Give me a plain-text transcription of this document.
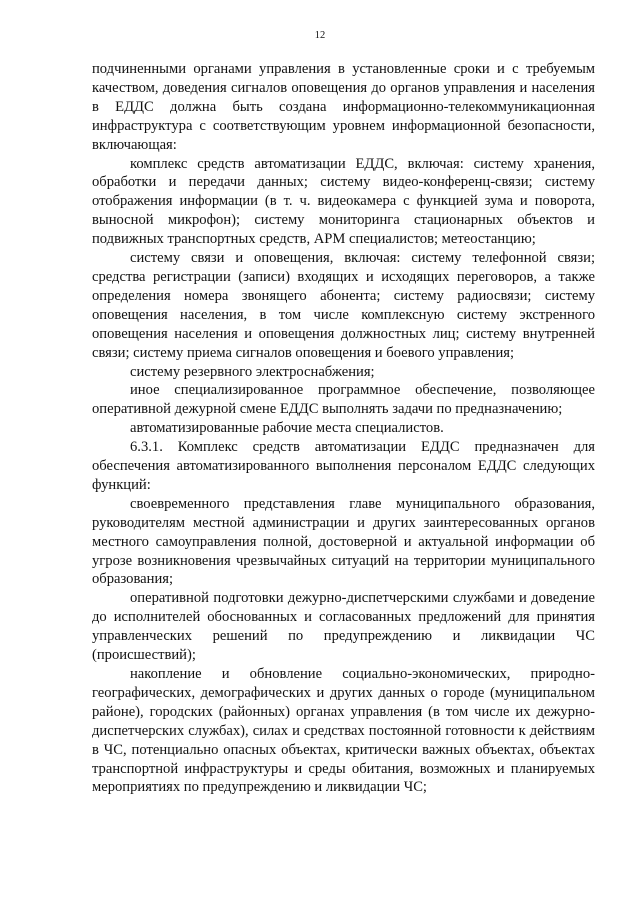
12

подчиненными органами управления в установленные сроки и с требуемым качеством, доведения сигналов оповещения до органов управления и населения в ЕДДС должна быть создана информационно-телекоммуникационная инфраструктура с соответствующим уровнем информационной безопасности, включающая:

комплекс средств автоматизации ЕДДС, включая: систему хранения, обработки и передачи данных; систему видео-конференц-связи; систему отображения информации (в т. ч. видеокамера с функцией зума и поворота, выносной микрофон); систему мониторинга стационарных объектов и подвижных транспортных средств, АРМ специалистов; метеостанцию;

систему связи и оповещения, включая: систему телефонной связи; средства регистрации (записи) входящих и исходящих переговоров, а также определения номера звонящего абонента; систему радиосвязи; систему оповещения населения, в том числе комплексную систему экстренного оповещения населения и оповещения должностных лиц; систему внутренней связи; систему приема сигналов оповещения и боевого управления;

систему резервного электроснабжения;

иное специализированное программное обеспечение, позволяющее оперативной дежурной смене ЕДДС выполнять задачи по предназначению;

автоматизированные рабочие места специалистов.

6.3.1. Комплекс средств автоматизации ЕДДС предназначен для обеспечения автоматизированного выполнения персоналом ЕДДС следующих функций:

своевременного представления главе муниципального образования, руководителям местной администрации и других заинтересованных органов местного самоуправления полной, достоверной и актуальной информации об угрозе возникновения чрезвычайных ситуаций на территории муниципального образования;

оперативной подготовки дежурно-диспетчерскими службами и доведение до исполнителей обоснованных и согласованных предложений для принятия управленческих решений по предупреждению и ликвидации ЧС (происшествий);

накопление и обновление социально-экономических, природно-географических, демографических и других данных о городе (муниципальном районе), городских (районных) органах управления (в том числе их дежурно-диспетчерских службах), силах и средствах постоянной готовности к действиям в ЧС, потенциально опасных объектах, критически важных объектах, объектах транспортной инфраструктуры и среды обитания, возможных и планируемых мероприятиях по предупреждению и ликвидации ЧС;
